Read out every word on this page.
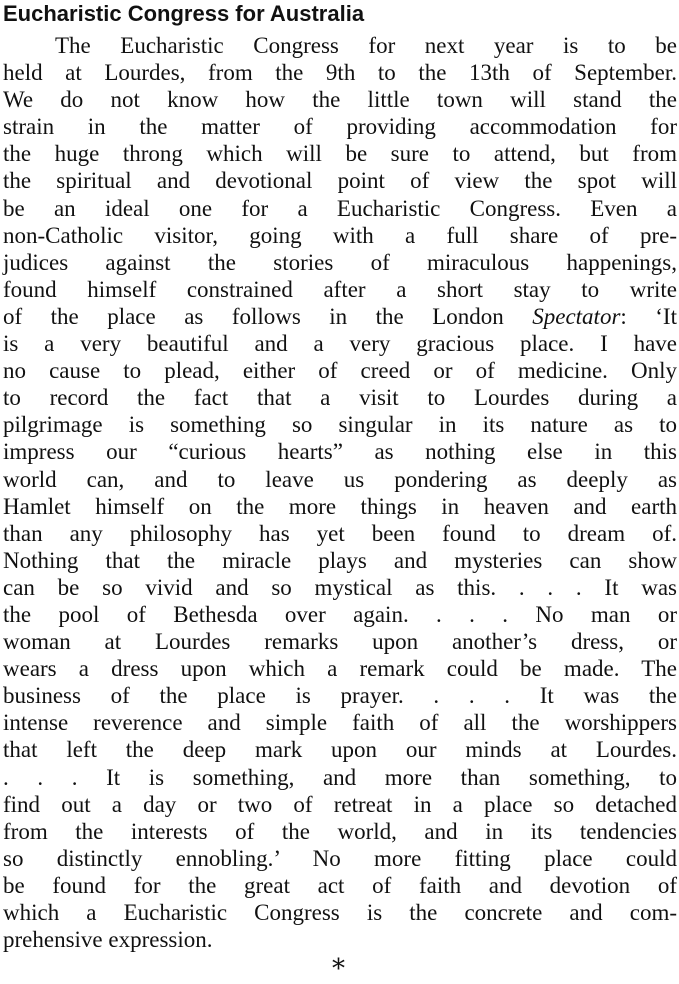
Eucharistic Congress for Australia
The Eucharistic Congress for next year is to be
held at Lourdes, from the 9th to the 13th of September.
We do not know how the little town will stand the
strain in the matter of providing accommodation for
the huge throng which will be sure to attend, but from
the spiritual and devotional point of view the spot will
be an ideal one for a Eucharistic Congress. Even a
non-Catholic visitor, going with a full share of pre-
judices against the stories of miraculous happenings,
found himself constrained after a short stay to write
of the place as follows in the London Spectator: ‘It
is a very beautiful and a very gracious place. I have
no cause to plead, either of creed or of medicine. Only
to record the fact that a visit to Lourdes during a
pilgrimage is something so singular in its nature as to
impress our “curious hearts” as nothing else in this
world can, and to leave us pondering as deeply as
Hamlet himself on the more things in heaven and earth
than any philosophy has yet been found to dream of.
Nothing that the miracle plays and mysteries can show
can be so vivid and so mystical as this. . . . It was
the pool of Bethesda over again. . . . No man or
woman at Lourdes remarks upon another’s dress, or
wears a dress upon which a remark could be made. The
business of the place is prayer. . . . It was the
intense reverence and simple faith of all the worshippers
that left the deep mark upon our minds at Lourdes.
. . . It is something, and more than something, to
find out a day or two of retreat in a place so detached
from the interests of the world, and in its tendencies
so distinctly ennobling.’ No more fitting place could
be found for the great act of faith and devotion of
which a Eucharistic Congress is the concrete and com-
prehensive expression.
*
